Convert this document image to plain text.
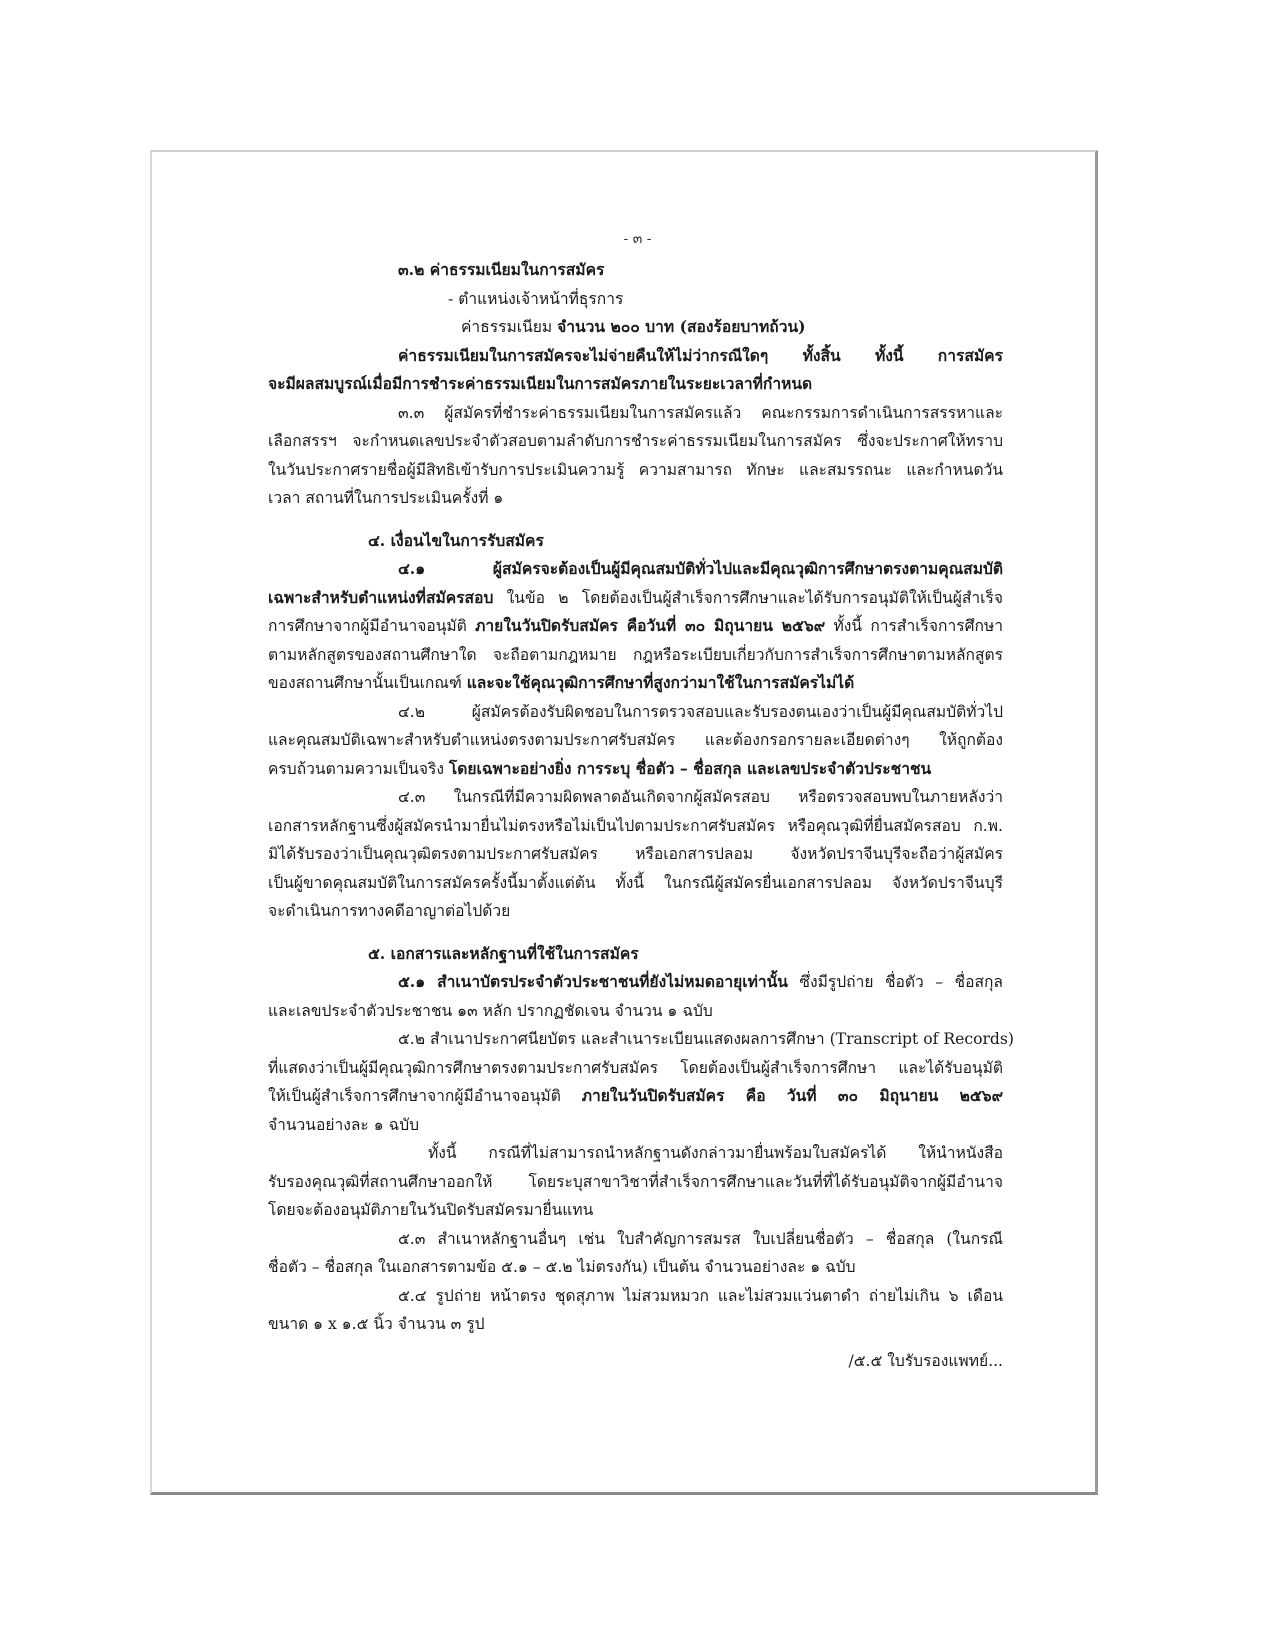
- ๓ -
๓.๒ ค่าธรรมเนียมในการสมัคร
- ตำแหน่งเจ้าหน้าที่ธุรการ
ค่าธรรมเนียม จำนวน ๒๐๐ บาท (สองร้อยบาทถ้วน)
ค่าธรรมเนียมในการสมัครจะไม่จ่ายคืนให้ไม่ว่ากรณีใดๆ ทั้งสิ้น ทั้งนี้ การสมัคร
จะมีผลสมบูรณ์เมื่อมีการชำระค่าธรรมเนียมในการสมัครภายในระยะเวลาที่กำหนด
๓.๓ ผู้สมัครที่ชำระค่าธรรมเนียมในการสมัครแล้ว คณะกรรมการดำเนินการสรรหาและ
เลือกสรรฯ จะกำหนดเลขประจำตัวสอบตามลำดับการชำระค่าธรรมเนียมในการสมัคร ซึ่งจะประกาศให้ทราบ
ในวันประกาศรายชื่อผู้มีสิทธิเข้ารับการประเมินความรู้ ความสามารถ ทักษะ และสมรรถนะ และกำหนดวัน
เวลา สถานที่ในการประเมินครั้งที่ ๑
๔. เงื่อนไขในการรับสมัคร
๔.๑ ผู้สมัครจะต้องเป็นผู้มีคุณสมบัติทั่วไปและมีคุณวุฒิการศึกษาตรงตามคุณสมบัติ
เฉพาะสำหรับตำแหน่งที่สมัครสอบ ในข้อ ๒ โดยต้องเป็นผู้สำเร็จการศึกษาและได้รับการอนุมัติให้เป็นผู้สำเร็จ
การศึกษาจากผู้มีอำนาจอนุมัติ ภายในวันปิดรับสมัคร คือวันที่ ๓๐ มิถุนายน ๒๕๖๙ ทั้งนี้ การสำเร็จการศึกษา
ตามหลักสูตรของสถานศึกษาใด จะถือตามกฎหมาย กฎหรือระเบียบเกี่ยวกับการสำเร็จการศึกษาตามหลักสูตร
ของสถานศึกษานั้นเป็นเกณฑ์ และจะใช้คุณวุฒิการศึกษาที่สูงกว่ามาใช้ในการสมัครไม่ได้
๔.๒ ผู้สมัครต้องรับผิดชอบในการตรวจสอบและรับรองตนเองว่าเป็นผู้มีคุณสมบัติทั่วไป
และคุณสมบัติเฉพาะสำหรับตำแหน่งตรงตามประกาศรับสมัคร และต้องกรอกรายละเอียดต่างๆ ให้ถูกต้อง
ครบถ้วนตามความเป็นจริง โดยเฉพาะอย่างยิ่ง การระบุ ชื่อตัว – ชื่อสกุล และเลขประจำตัวประชาชน
๔.๓ ในกรณีที่มีความผิดพลาดอันเกิดจากผู้สมัครสอบ หรือตรวจสอบพบในภายหลังว่า
เอกสารหลักฐานซึ่งผู้สมัครนำมายื่นไม่ตรงหรือไม่เป็นไปตามประกาศรับสมัคร หรือคุณวุฒิที่ยื่นสมัครสอบ ก.พ.
มิได้รับรองว่าเป็นคุณวุฒิตรงตามประกาศรับสมัคร หรือเอกสารปลอม จังหวัดปราจีนบุรีจะถือว่าผู้สมัคร
เป็นผู้ขาดคุณสมบัติในการสมัครครั้งนี้มาตั้งแต่ต้น ทั้งนี้ ในกรณีผู้สมัครยื่นเอกสารปลอม จังหวัดปราจีนบุรี
จะดำเนินการทางคดีอาญาต่อไปด้วย
๕. เอกสารและหลักฐานที่ใช้ในการสมัคร
๕.๑ สำเนาบัตรประจำตัวประชาชนที่ยังไม่หมดอายุเท่านั้น ซึ่งมีรูปถ่าย ชื่อตัว – ชื่อสกุล
และเลขประจำตัวประชาชน ๑๓ หลัก ปรากฏชัดเจน จำนวน ๑ ฉบับ
๕.๒ สำเนาประกาศนียบัตร และสำเนาระเบียนแสดงผลการศึกษา (Transcript of Records)
ที่แสดงว่าเป็นผู้มีคุณวุฒิการศึกษาตรงตามประกาศรับสมัคร โดยต้องเป็นผู้สำเร็จการศึกษา และได้รับอนุมัติ
ให้เป็นผู้สำเร็จการศึกษาจากผู้มีอำนาจอนุมัติ ภายในวันปิดรับสมัคร คือ วันที่ ๓๐ มิถุนายน ๒๕๖๙
จำนวนอย่างละ ๑ ฉบับ
ทั้งนี้ กรณีที่ไม่สามารถนำหลักฐานดังกล่าวมายื่นพร้อมใบสมัครได้ ให้นำหนังสือ
รับรองคุณวุฒิที่สถานศึกษาออกให้ โดยระบุสาขาวิชาที่สำเร็จการศึกษาและวันที่ที่ได้รับอนุมัติจากผู้มีอำนาจ
โดยจะต้องอนุมัติภายในวันปิดรับสมัครมายื่นแทน
๕.๓ สำเนาหลักฐานอื่นๆ เช่น ใบสำคัญการสมรส ใบเปลี่ยนชื่อตัว – ชื่อสกุล (ในกรณี
ชื่อตัว – ชื่อสกุล ในเอกสารตามข้อ ๕.๑ – ๕.๒ ไม่ตรงกัน) เป็นต้น จำนวนอย่างละ ๑ ฉบับ
๕.๔ รูปถ่าย หน้าตรง ชุดสุภาพ ไม่สวมหมวก และไม่สวมแว่นตาดำ ถ่ายไม่เกิน ๖ เดือน
ขนาด ๑ x ๑.๕ นิ้ว จำนวน ๓ รูป
/๕.๕ ใบรับรองแพทย์...
